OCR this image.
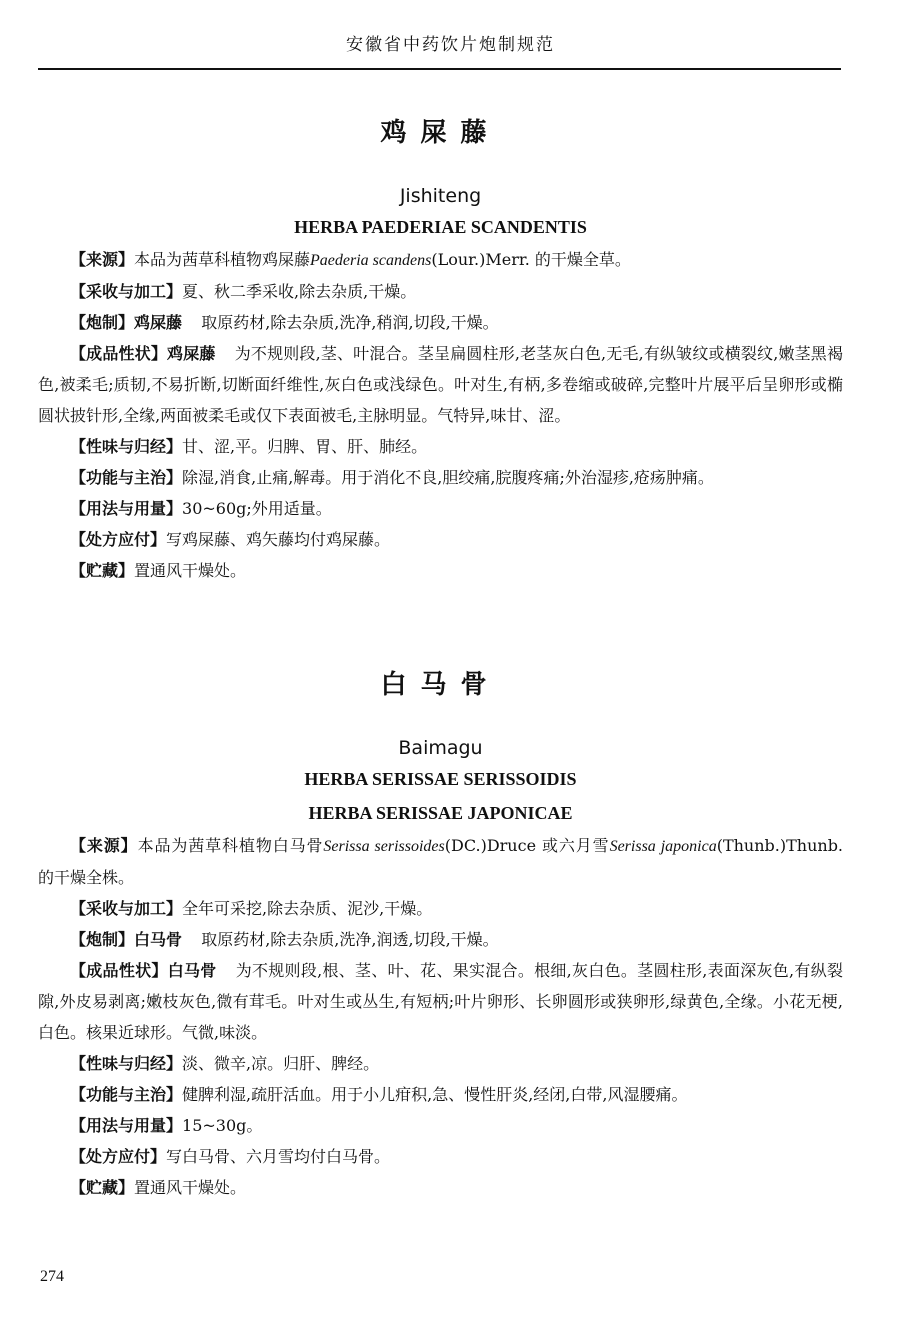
安徽省中药饮片炮制规范
鸡屎藤
Jishiteng
HERBA PAEDERIAE SCANDENTIS
【来源】本品为茜草科植物鸡屎藤Paederia scandens(Lour.)Merr. 的干燥全草。
【采收与加工】夏、秋二季采收,除去杂质,干燥。
【炮制】鸡屎藤 取原药材,除去杂质,洗净,稍润,切段,干燥。
【成品性状】鸡屎藤 为不规则段,茎、叶混合。茎呈扁圆柱形,老茎灰白色,无毛,有纵皱纹或横裂纹,嫩茎黑褐色,被柔毛;质韧,不易折断,切断面纤维性,灰白色或浅绿色。叶对生,有柄,多卷缩或破碎,完整叶片展平后呈卵形或椭圆状披针形,全缘,两面被柔毛或仅下表面被毛,主脉明显。气特异,味甘、涩。
【性味与归经】甘、涩,平。归脾、胃、肝、肺经。
【功能与主治】除湿,消食,止痛,解毒。用于消化不良,胆绞痛,脘腹疼痛;外治湿疹,疮疡肿痛。
【用法与用量】30~60g;外用适量。
【处方应付】写鸡屎藤、鸡矢藤均付鸡屎藤。
【贮藏】置通风干燥处。
白马骨
Baimagu
HERBA SERISSAE SERISSOIDIS
HERBA SERISSAE JAPONICAE
【来源】本品为茜草科植物白马骨Serissa serissoides(DC.)Druce 或六月雪Serissa japonica(Thunb.)Thunb. 的干燥全株。
【采收与加工】全年可采挖,除去杂质、泥沙,干燥。
【炮制】白马骨 取原药材,除去杂质,洗净,润透,切段,干燥。
【成品性状】白马骨 为不规则段,根、茎、叶、花、果实混合。根细,灰白色。茎圆柱形,表面深灰色,有纵裂隙,外皮易剥离;嫩枝灰色,微有茸毛。叶对生或丛生,有短柄;叶片卵形、长卵圆形或狭卵形,绿黄色,全缘。小花无梗,白色。核果近球形。气微,味淡。
【性味与归经】淡、微辛,凉。归肝、脾经。
【功能与主治】健脾利湿,疏肝活血。用于小儿疳积,急、慢性肝炎,经闭,白带,风湿腰痛。
【用法与用量】15~30g。
【处方应付】写白马骨、六月雪均付白马骨。
【贮藏】置通风干燥处。
274
